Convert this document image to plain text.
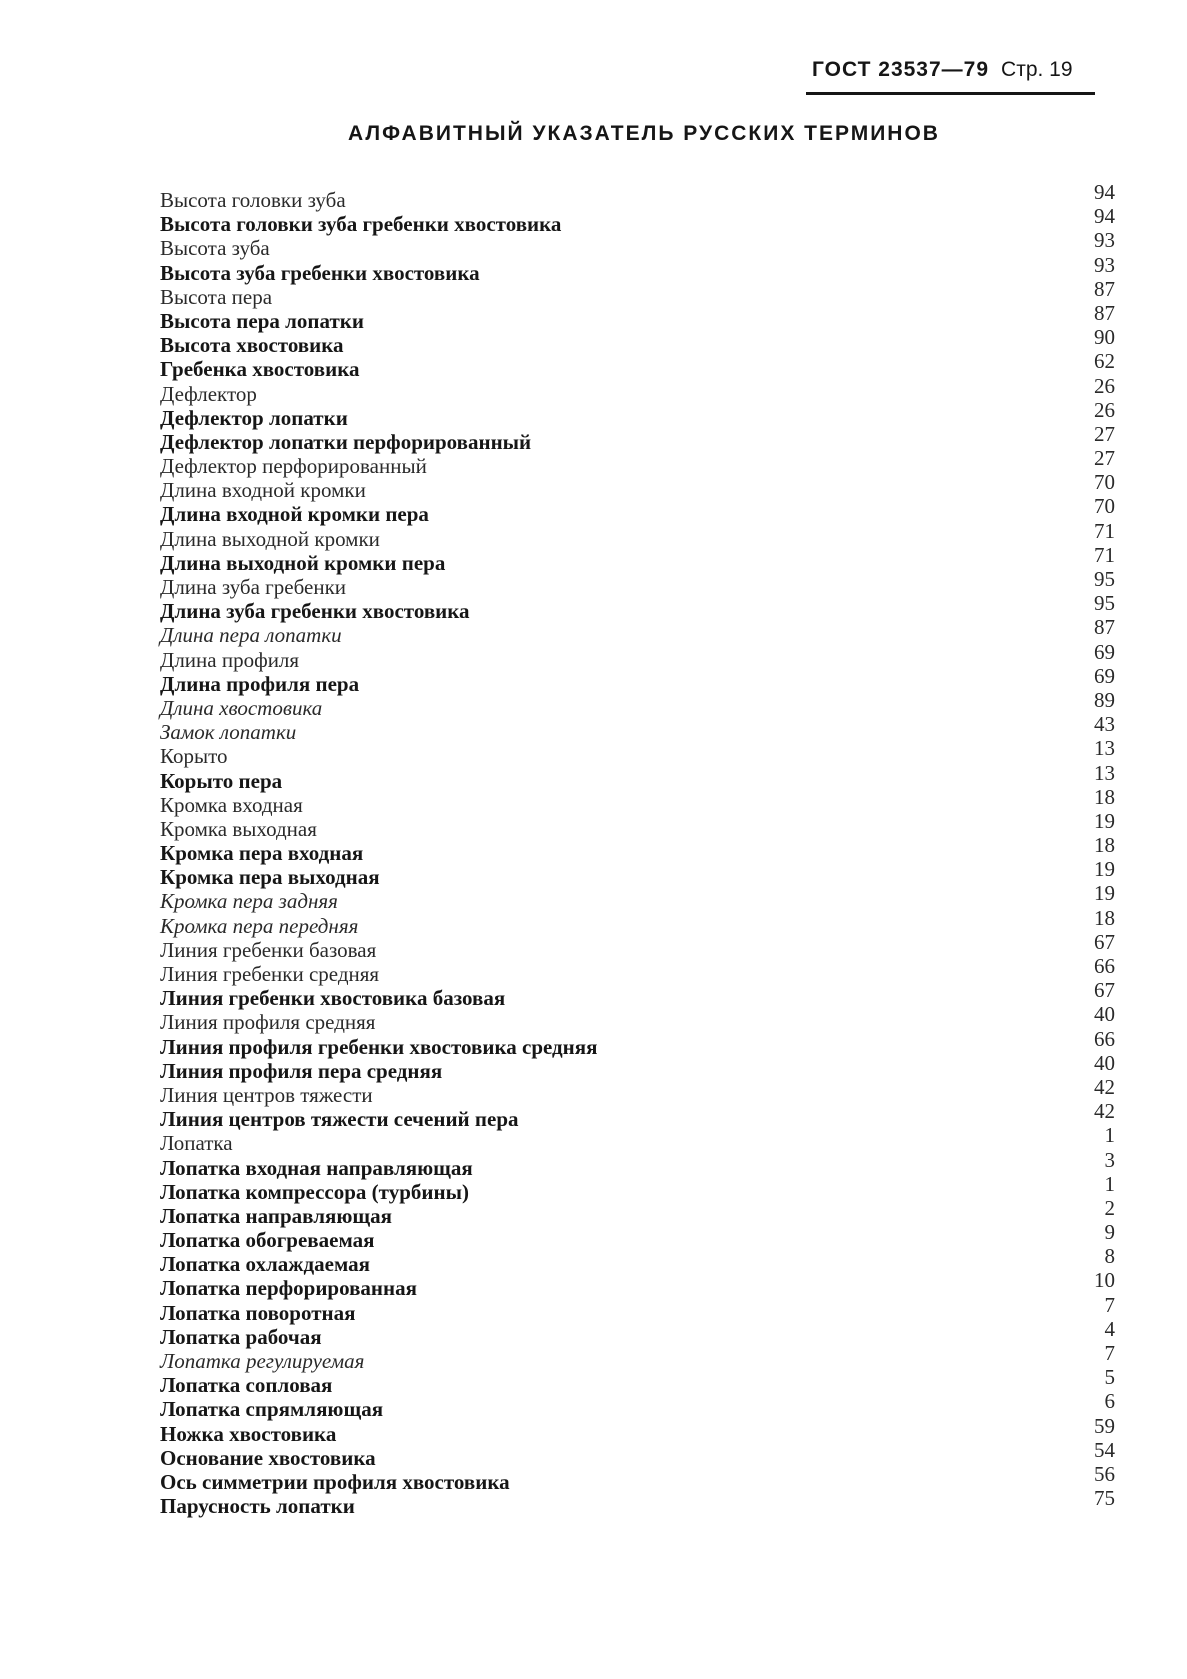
ГОСТ 23537—79 Стр. 19
АЛФАВИТНЫЙ УКАЗАТЕЛЬ РУССКИХ ТЕРМИНОВ
Высота головки зуба
Высота головки зуба гребенки хвостовика
Высота зуба
Высота зуба гребенки хвостовика
Высота пера
Высота пера лопатки
Высота хвостовика
Гребенка хвостовика
Дефлектор
Дефлектор лопатки
Дефлектор лопатки перфорированный
Дефлектор перфорированный
Длина входной кромки
Длина входной кромки пера
Длина выходной кромки
Длина выходной кромки пера
Длина зуба гребенки
Длина зуба гребенки хвостовика
Длина пера лопатки
Длина профиля
Длина профиля пера
Длина хвостовика
Замок лопатки
Корыто
Корыто пера
Кромка входная
Кромка выходная
Кромка пера входная
Кромка пера выходная
Кромка пера задняя
Кромка пера передняя
Линия гребенки базовая
Линия гребенки средняя
Линия гребенки хвостовика базовая
Линия профиля средняя
Линия профиля гребенки хвостовика средняя
Линия профиля пера средняя
Линия центров тяжести
Линия центров тяжести сечений пера
Лопатка
Лопатка входная направляющая
Лопатка компрессора (турбины)
Лопатка направляющая
Лопатка обогреваемая
Лопатка охлаждаемая
Лопатка перфорированная
Лопатка поворотная
Лопатка рабочая
Лопатка регулируемая
Лопатка сопловая
Лопатка спрямляющая
Ножка хвостовика
Основание хвостовика
Ось симметрии профиля хвостовика
Парусность лопатки
94
94
93
93
87
87
90
62
26
26
27
27
70
70
71
71
95
95
87
69
69
89
43
13
13
18
19
18
19
19
18
67
66
67
40
66
40
42
42
1
3
1
2
9
8
10
7
4
7
5
6
59
54
56
75
